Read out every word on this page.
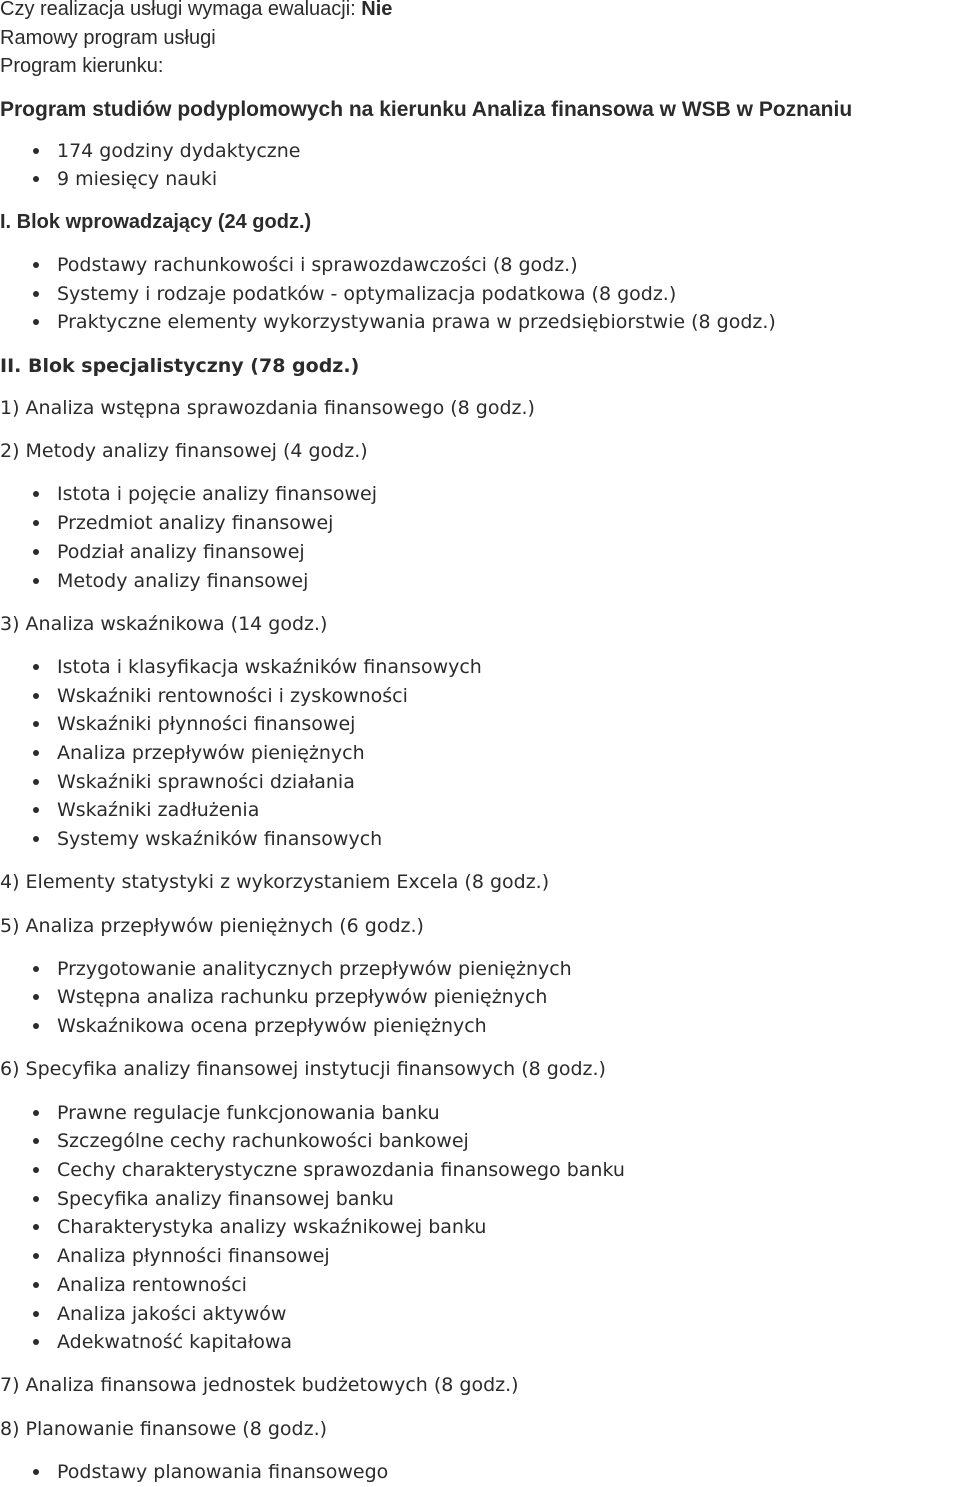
Czy realizacja usługi wymaga ewaluacji: Nie
Ramowy program usługi
Program kierunku:
Program studiów podyplomowych na kierunku Analiza finansowa w WSB w Poznaniu
174 godziny dydaktyczne
9 miesięcy nauki
I. Blok wprowadzający (24 godz.)
Podstawy rachunkowości i sprawozdawczości (8 godz.)
Systemy i rodzaje podatków - optymalizacja podatkowa (8 godz.)
Praktyczne elementy wykorzystywania prawa w przedsiębiorstwie (8 godz.)
II. Blok specjalistyczny (78 godz.)
1) Analiza wstępna sprawozdania finansowego (8 godz.)
2) Metody analizy finansowej (4 godz.)
Istota i pojęcie analizy finansowej
Przedmiot analizy finansowej
Podział analizy finansowej
Metody analizy finansowej
3) Analiza wskaźnikowa (14 godz.)
Istota i klasyfikacja wskaźników finansowych
Wskaźniki rentowności i zyskowności
Wskaźniki płynności finansowej
Analiza przepływów pieniężnych
Wskaźniki sprawności działania
Wskaźniki zadłużenia
Systemy wskaźników finansowych
4) Elementy statystyki z wykorzystaniem Excela (8 godz.)
5) Analiza przepływów pieniężnych (6 godz.)
Przygotowanie analitycznych przepływów pieniężnych
Wstępna analiza rachunku przepływów pieniężnych
Wskaźnikowa ocena przepływów pieniężnych
6) Specyfika analizy finansowej instytucji finansowych (8 godz.)
Prawne regulacje funkcjonowania banku
Szczególne cechy rachunkowości bankowej
Cechy charakterystyczne sprawozdania finansowego banku
Specyfika analizy finansowej banku
Charakterystyka analizy wskaźnikowej banku
Analiza płynności finansowej
Analiza rentowności
Analiza jakości aktywów
Adekwatność kapitałowa
7) Analiza finansowa jednostek budżetowych (8 godz.)
8) Planowanie finansowe (8 godz.)
Podstawy planowania finansowego
